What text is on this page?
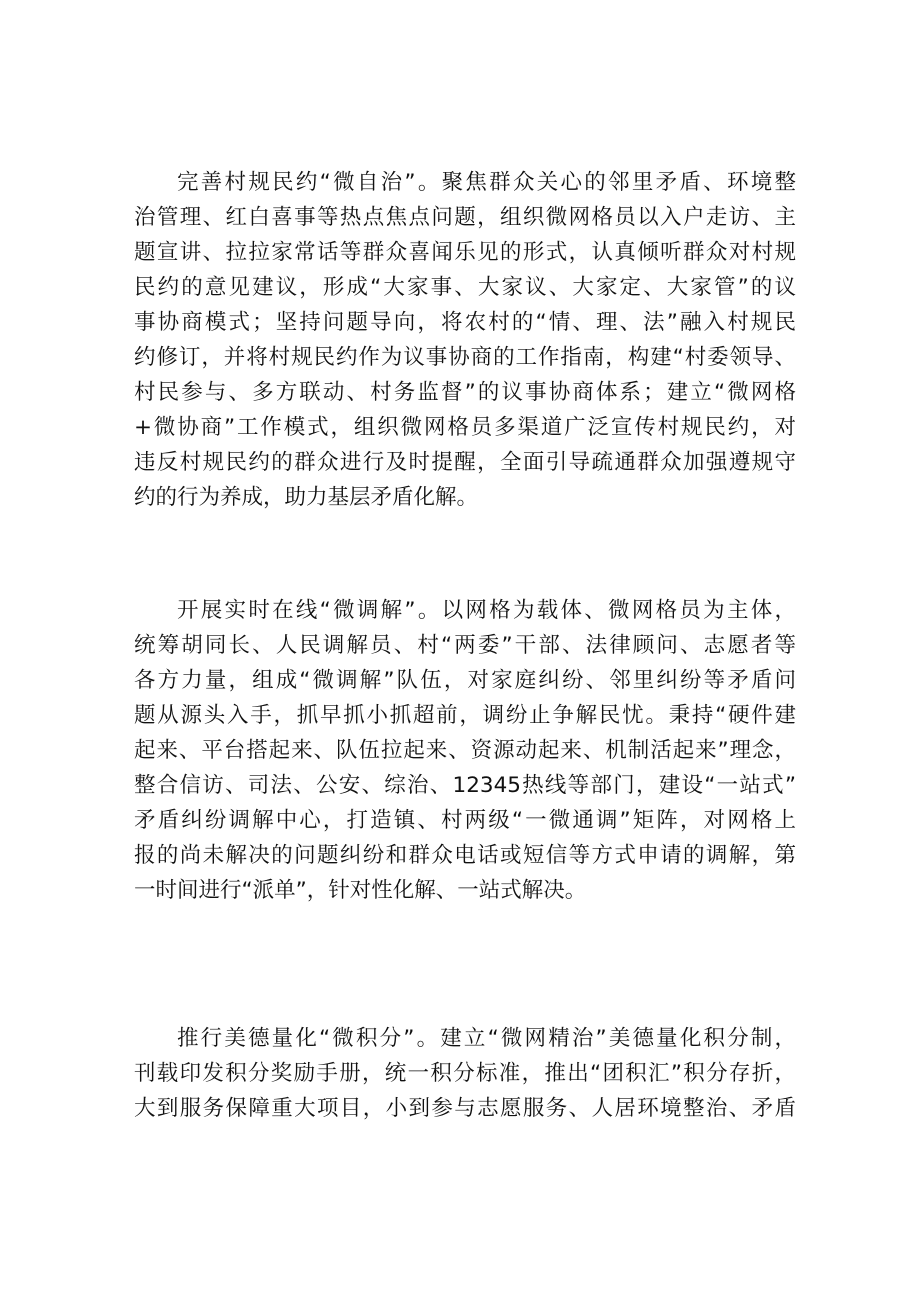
完善村规民约“微自治”。聚焦群众关心的邻里矛盾、环境整
治管理、红白喜事等热点焦点问题，组织微网格员以入户走访、主
题宣讲、拉拉家常话等群众喜闻乐见的形式，认真倾听群众对村规
民约的意见建议，形成“大家事、大家议、大家定、大家管”的议
事协商模式；坚持问题导向，将农村的“情、理、法”融入村规民
约修订，并将村规民约作为议事协商的工作指南，构建“村委领导、
村民参与、多方联动、村务监督”的议事协商体系；建立“微网格
+微协商”工作模式，组织微网格员多渠道广泛宣传村规民约，对
违反村规民约的群众进行及时提醒，全面引导疏通群众加强遵规守
约的行为养成，助力基层矛盾化解。
开展实时在线“微调解”。以网格为载体、微网格员为主体，
统筹胡同长、人民调解员、村“两委”干部、法律顾问、志愿者等
各方力量，组成“微调解”队伍，对家庭纠纷、邻里纠纷等矛盾问
题从源头入手，抓早抓小抓超前，调纷止争解民忧。秉持“硬件建
起来、平台搭起来、队伍拉起来、资源动起来、机制活起来”理念，
整合信访、司法、公安、综治、12345热线等部门，建设“一站式”
矛盾纠纷调解中心，打造镇、村两级“一微通调”矩阵，对网格上
报的尚未解决的问题纠纷和群众电话或短信等方式申请的调解，第
一时间进行“派单”，针对性化解、一站式解决。
推行美德量化“微积分”。建立“微网精治”美德量化积分制，
刊载印发积分奖励手册，统一积分标准，推出“团积汇”积分存折，
大到服务保障重大项目，小到参与志愿服务、人居环境整治、矛盾
